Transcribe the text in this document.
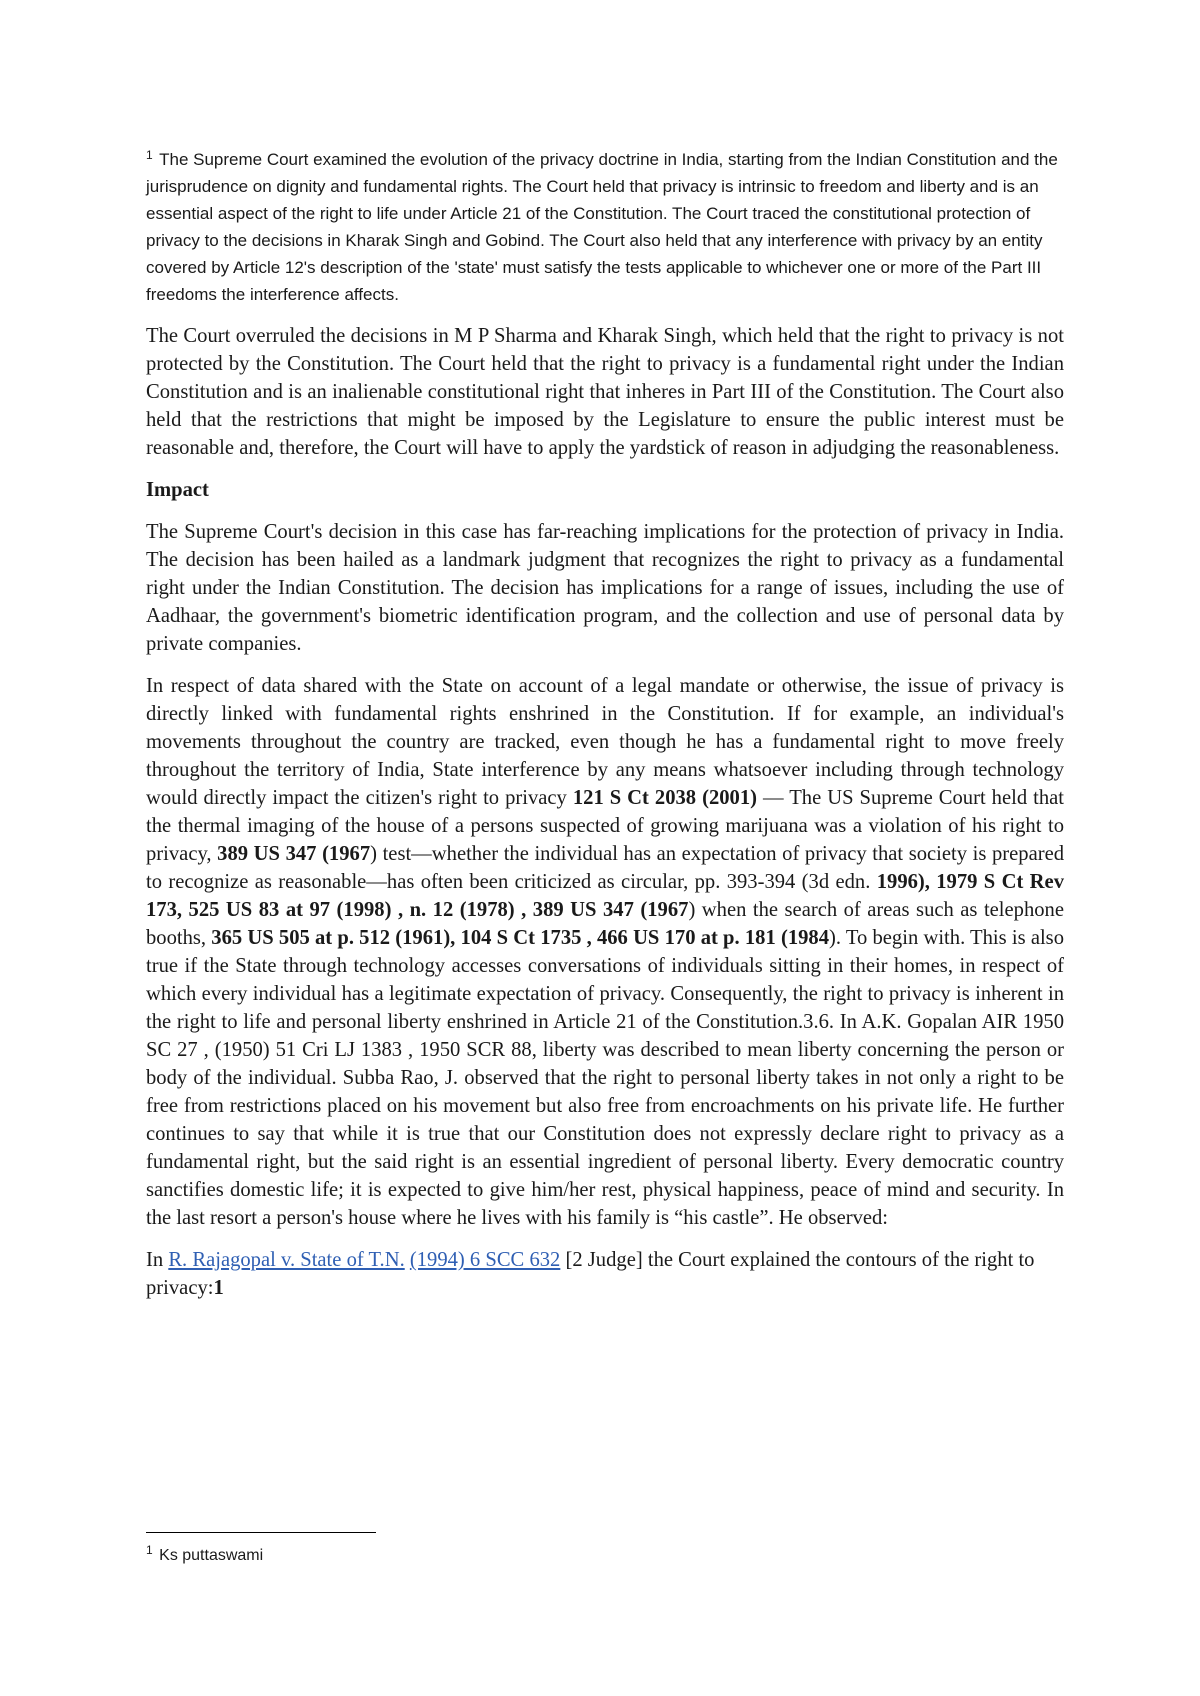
$^1$ The Supreme Court examined the evolution of the privacy doctrine in India, starting from the Indian Constitution and the jurisprudence on dignity and fundamental rights. The Court held that privacy is intrinsic to freedom and liberty and is an essential aspect of the right to life under Article 21 of the Constitution. The Court traced the constitutional protection of privacy to the decisions in Kharak Singh and Gobind. The Court also held that any interference with privacy by an entity covered by Article 12's description of the 'state' must satisfy the tests applicable to whichever one or more of the Part III freedoms the interference affects.

The Court overruled the decisions in M P Sharma and Kharak Singh, which held that the right to privacy is not protected by the Constitution. The Court held that the right to privacy is a fundamental right under the Indian Constitution and is an inalienable constitutional right that inheres in Part III of the Constitution. The Court also held that the restrictions that might be imposed by the Legislature to ensure the public interest must be reasonable and, therefore, the Court will have to apply the yardstick of reason in adjudging the reasonableness.

Impact

The Supreme Court's decision in this case has far-reaching implications for the protection of privacy in India. The decision has been hailed as a landmark judgment that recognizes the right to privacy as a fundamental right under the Indian Constitution. The decision has implications for a range of issues, including the use of Aadhaar, the government's biometric identification program, and the collection and use of personal data by private companies.

In respect of data shared with the State on account of a legal mandate or otherwise, the issue of privacy is directly linked with fundamental rights enshrined in the Constitution. If for example, an individual's movements throughout the country are tracked, even though he has a fundamental right to move freely throughout the territory of India, State interference by any means whatsoever including through technology would directly impact the citizen's right to privacy 121 S Ct 2038 (2001) — The US Supreme Court held that the thermal imaging of the house of a persons suspected of growing marijuana was a violation of his right to privacy, 389 US 347 (1967) test—whether the individual has an expectation of privacy that society is prepared to recognize as reasonable—has often been criticized as circular, pp. 393-394 (3d edn. 1996), 1979 S Ct Rev 173, 525 US 83 at 97 (1998) , n. 12 (1978) , 389 US 347 (1967) when the search of areas such as telephone booths, 365 US 505 at p. 512 (1961), 104 S Ct 1735 , 466 US 170 at p. 181 (1984). To begin with. This is also true if the State through technology accesses conversations of individuals sitting in their homes, in respect of which every individual has a legitimate expectation of privacy. Consequently, the right to privacy is inherent in the right to life and personal liberty enshrined in Article 21 of the Constitution.3.6. In A.K. Gopalan AIR 1950 SC 27 , (1950) 51 Cri LJ 1383 , 1950 SCR 88, liberty was described to mean liberty concerning the person or body of the individual. Subba Rao, J. observed that the right to personal liberty takes in not only a right to be free from restrictions placed on his movement but also free from encroachments on his private life. He further continues to say that while it is true that our Constitution does not expressly declare right to privacy as a fundamental right, but the said right is an essential ingredient of personal liberty. Every democratic country sanctifies domestic life; it is expected to give him/her rest, physical happiness, peace of mind and security. In the last resort a person's house where he lives with his family is “his castle”. He observed:

In R. Rajagopal v. State of T.N. (1994) 6 SCC 632 [2 Judge] the Court explained the contours of the right to privacy:1

$^1$ Ks puttaswami
